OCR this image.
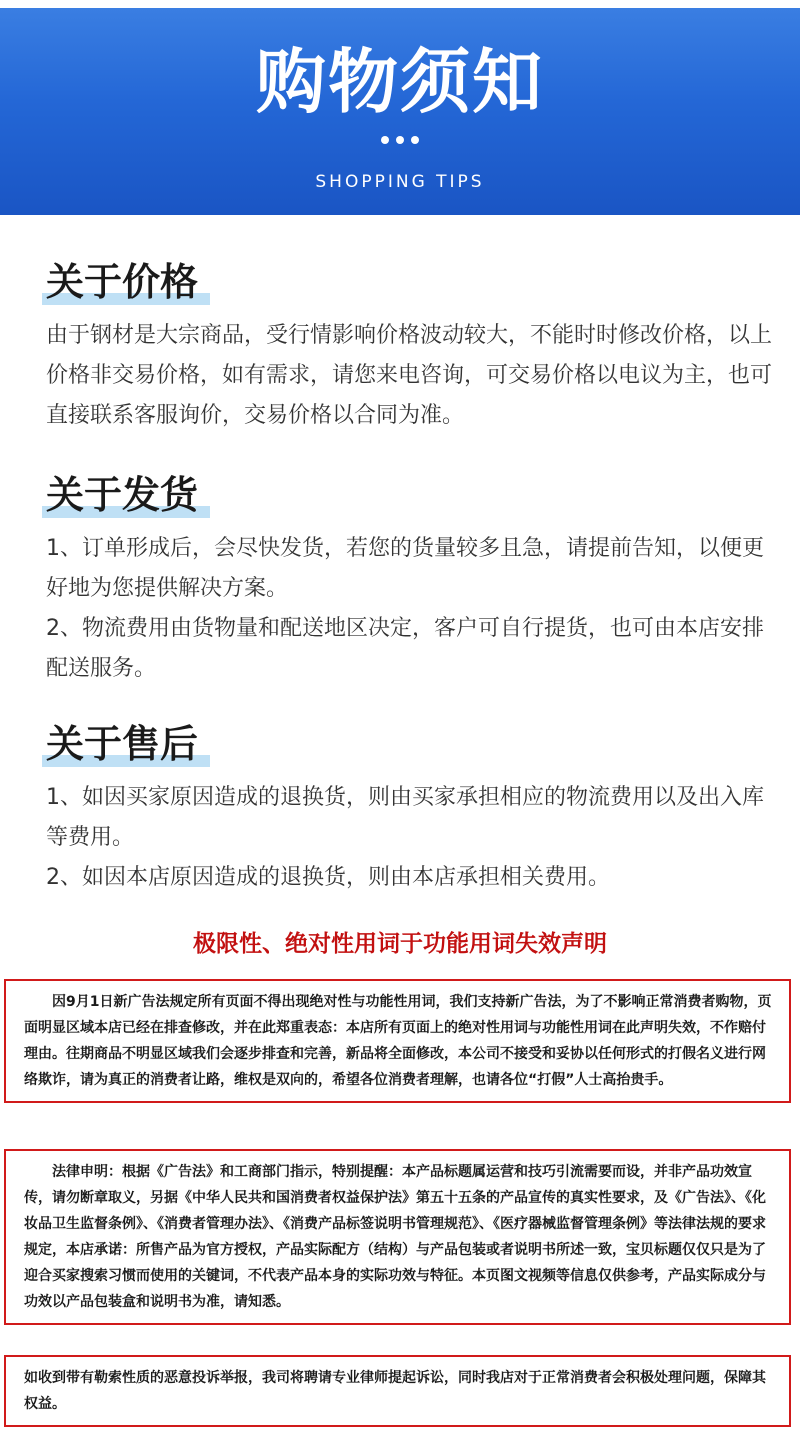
购物须知
SHOPPING TIPS
关于价格

由于钢材是大宗商品，受行情影响价格波动较大，不能时时修改价格，以上价格非交易价格，如有需求，请您来电咨询，可交易价格以电议为主，也可直接联系客服询价，交易价格以合同为准。

关于发货

1、订单形成后，会尽快发货，若您的货量较多且急，请提前告知，以便更好地为您提供解决方案。

2、物流费用由货物量和配送地区决定，客户可自行提货，也可由本店安排配送服务。

关于售后

1、如因买家原因造成的退换货，则由买家承担相应的物流费用以及出入库等费用。

2、如因本店原因造成的退换货，则由本店承担相关费用。

极限性、绝对性用词于功能用词失效声明

因9月1日新广告法规定所有页面不得出现绝对性与功能性用词，我们支持新广告法，为了不影响正常消费者购物，页面明显区域本店已经在排查修改，并在此郑重表态：本店所有页面上的绝对性用词与功能性用词在此声明失效，不作赔付理由。往期商品不明显区域我们会逐步排查和完善，新品将全面修改，本公司不接受和妥协以任何形式的打假名义进行网络欺诈，请为真正的消费者让路，维权是双向的，希望各位消费者理解，也请各位“打假”人士高抬贵手。

法律申明：根据《广告法》和工商部门指示，特别提醒：本产品标题属运营和技巧引流需要而设，并非产品功效宣传，请勿断章取义，另据《中华人民共和国消费者权益保护法》第五十五条的产品宣传的真实性要求，及《广告法》、《化妆品卫生监督条例》、《消费者管理办法》、《消费产品标签说明书管理规范》、《医疗器械监督管理条例》等法律法规的要求规定，本店承诺：所售产品为官方授权，产品实际配方（结构）与产品包装或者说明书所述一致，宝贝标题仅仅只是为了迎合买家搜索习惯而使用的关键词，不代表产品本身的实际功效与特征。本页图文视频等信息仅供参考，产品实际成分与功效以产品包装盒和说明书为准，请知悉。

如收到带有勒索性质的恶意投诉举报，我司将聘请专业律师提起诉讼，同时我店对于正常消费者会积极处理问题，保障其权益。
